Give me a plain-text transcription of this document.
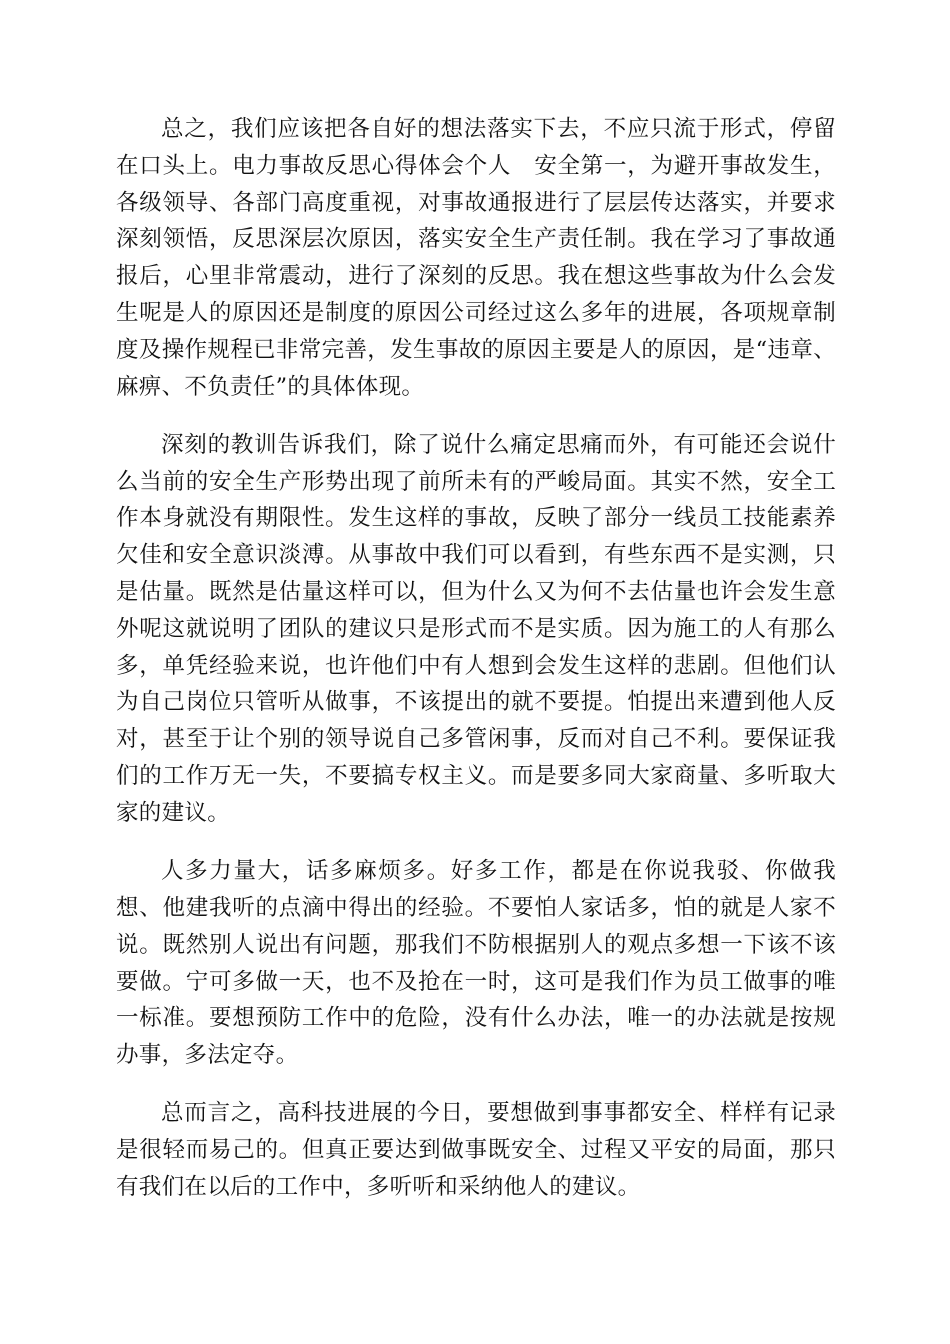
总之，我们应该把各自好的想法落实下去，不应只流于形式，停留在口头上。电力事故反思心得体会个人　安全第一，为避开事故发生，各级领导、各部门高度重视，对事故通报进行了层层传达落实，并要求深刻领悟，反思深层次原因，落实安全生产责任制。我在学习了事故通报后，心里非常震动，进行了深刻的反思。我在想这些事故为什么会发生呢是人的原因还是制度的原因公司经过这么多年的进展，各项规章制度及操作规程已非常完善，发生事故的原因主要是人的原因，是“违章、麻痹、不负责任”的具体体现。

深刻的教训告诉我们，除了说什么痛定思痛而外，有可能还会说什么当前的安全生产形势出现了前所未有的严峻局面。其实不然，安全工作本身就没有期限性。发生这样的事故，反映了部分一线员工技能素养欠佳和安全意识淡溥。从事故中我们可以看到，有些东西不是实测，只是估量。既然是估量这样可以，但为什么又为何不去估量也许会发生意外呢这就说明了团队的建议只是形式而不是实质。因为施工的人有那么多，单凭经验来说，也许他们中有人想到会发生这样的悲剧。但他们认为自己岗位只管听从做事，不该提出的就不要提。怕提出来遭到他人反对，甚至于让个别的领导说自己多管闲事，反而对自己不利。要保证我们的工作万无一失，不要搞专权主义。而是要多同大家商量、多听取大家的建议。

人多力量大，话多麻烦多。好多工作，都是在你说我驳、你做我想、他建我听的点滴中得出的经验。不要怕人家话多，怕的就是人家不说。既然别人说出有问题，那我们不防根据别人的观点多想一下该不该要做。宁可多做一天，也不及抢在一时，这可是我们作为员工做事的唯一标准。要想预防工作中的危险，没有什么办法，唯一的办法就是按规办事，多法定夺。

总而言之，高科技进展的今日，要想做到事事都安全、样样有记录是很轻而易己的。但真正要达到做事既安全、过程又平安的局面，那只有我们在以后的工作中，多听听和采纳他人的建议。
